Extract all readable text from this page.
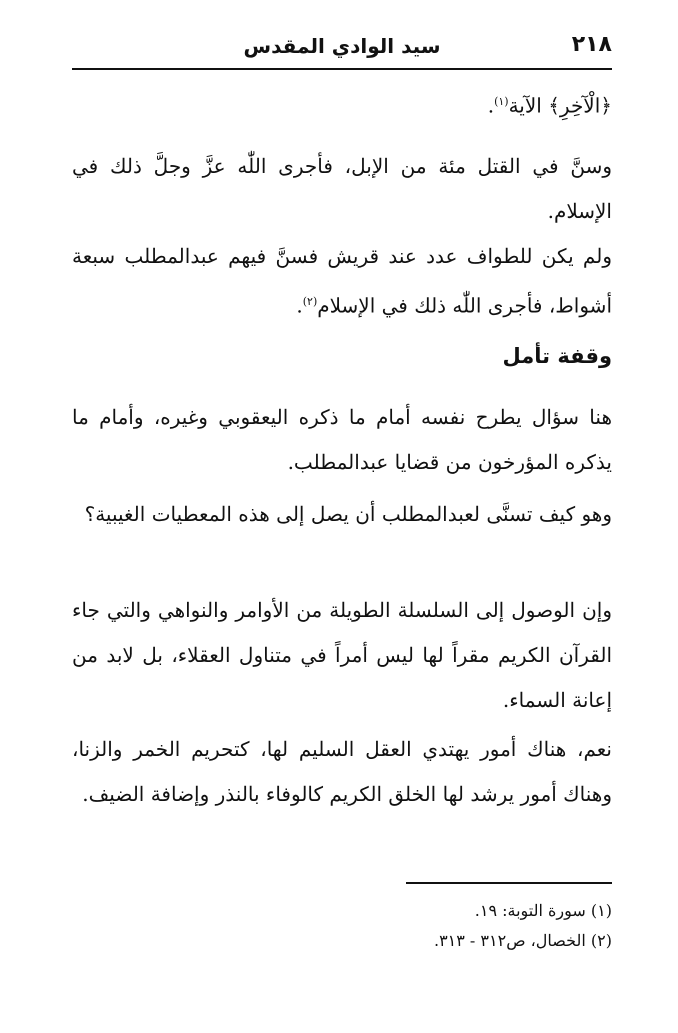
٢١٨
سيد الوادي المقدس

﴿الْآخِرِ﴾ الآية$^{(١)}$.

وسنَّ في القتل مئة من الإبل، فأجرى اللّٰه عزَّ وجلَّ ذلك في الإسلام.

ولم يكن للطواف عدد عند قريش فسنَّ فيهم عبدالمطلب سبعة أشواط، فأجرى اللّٰه ذلك في الإسلام$^{(٢)}$.

وقفة تأمل

هنا سؤال يطرح نفسه أمام ما ذكره اليعقوبي وغيره، وأمام ما يذكره المؤرخون من قضايا عبدالمطلب.

وهو كيف تسنَّى لعبدالمطلب أن يصل إلى هذه المعطيات الغيبية؟

وإن الوصول إلى السلسلة الطويلة من الأوامر والنواهي والتي جاء القرآن الكريم مقراً لها ليس أمراً في متناول العقلاء، بل لابد من إعانة السماء.

نعم، هناك أمور يهتدي العقل السليم لها، كتحريم الخمر والزنا، وهناك أمور يرشد لها الخلق الكريم كالوفاء بالنذر وإضافة الضيف.

(١) سورة التوبة: ١٩.
(٢) الخصال، ص٣١٢ - ٣١٣.
